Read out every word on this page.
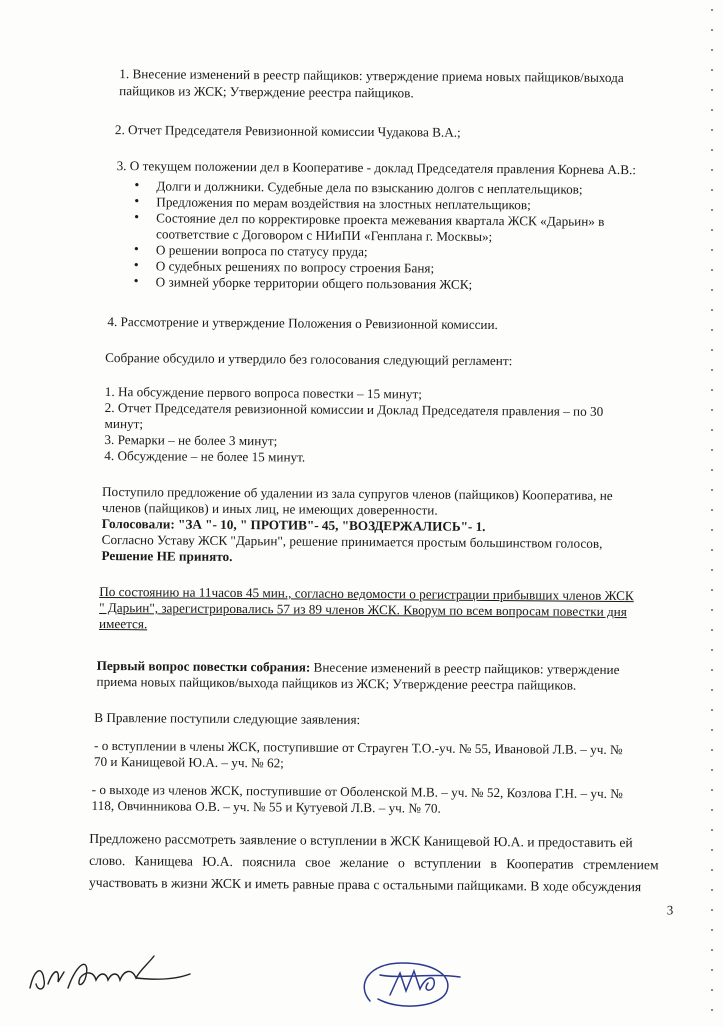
1. Внесение изменений в реестр пайщиков: утверждение приема новых пайщиков/выхода

пайщиков из ЖСК; Утверждение реестра пайщиков.

2. Отчет Председателя Ревизионной комиссии Чудакова В.А.;

3. О текущем положении дел в Кооперативе - доклад Председателя правления Корнева А.В.:

• Долги и должники. Судебные дела по взысканию долгов с неплательщиков;
• Предложения по мерам воздействия на злостных неплательщиков;
• Состояние дел по корректировке проекта межевания квартала ЖСК «Дарьин» в
соответствие с Договором с НИиПИ «Генплана г. Москвы»;
• О решении вопроса по статусу пруда;
• О судебных решениях по вопросу строения Баня;
• О зимней уборке территории общего пользования ЖСК;

4. Рассмотрение и утверждение Положения о Ревизионной комиссии.

Собрание обсудило и утвердило без голосования следующий регламент:

1. На обсуждение первого вопроса повестки – 15 минут;

2. Отчет Председателя ревизионной комиссии и Доклад Председателя правления – по 30

минут;

3. Ремарки – не более 3 минут;

4. Обсуждение – не более 15 минут.

Поступило предложение об удалении из зала супругов членов (пайщиков) Кооператива, не

членов (пайщиков) и иных лиц, не имеющих доверенности.

Голосовали: "ЗА "- 10, " ПРОТИВ"- 45, "ВОЗДЕРЖАЛИСЬ"- 1.

Согласно Уставу ЖСК "Дарьин", решение принимается простым большинством голосов,

Решение НЕ принято.

По состоянию на 11часов 45 мин., согласно ведомости о регистрации прибывших членов ЖСК

" Дарьин", зарегистрировались 57 из 89 членов ЖСК. Кворум по всем вопросам повестки дня

имеется.

Первый вопрос повестки собрания: Внесение изменений в реестр пайщиков: утверждение

приема новых пайщиков/выхода пайщиков из ЖСК; Утверждение реестра пайщиков.

В Правление поступили следующие заявления:

- о вступлении в члены ЖСК, поступившие от Страуген Т.О.-уч. № 55, Ивановой Л.В. – уч. №

70 и Канищевой Ю.А. – уч. № 62;

- о выходе из членов ЖСК, поступившие от Оболенской М.В. – уч. № 52, Козлова Г.Н. – уч. №

118, Овчинникова О.В. – уч. № 55 и Кутуевой Л.В. – уч. № 70.

Предложено рассмотреть заявление о вступлении в ЖСК Канищевой Ю.А. и предоставить ей

слово. Канищева Ю.А. пояснила свое желание о вступлении в Кооператив стремлением

участвовать в жизни ЖСК и иметь равные права с остальными пайщиками. В ходе обсуждения

3
